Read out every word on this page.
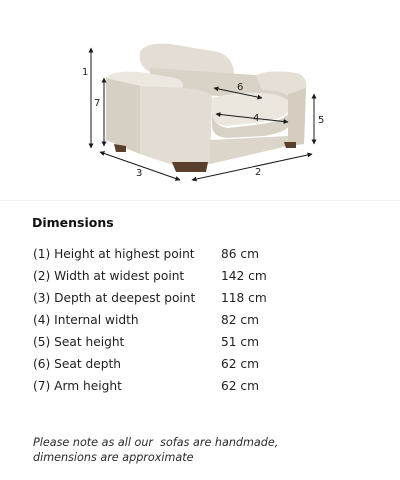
1
7
3	2
5
6
4
Dimensions
(1) Height at highest point	86 cm
(2) Width at widest point	142 cm
(3) Depth at deepest point	118 cm
(4) Internal width	82 cm
(5) Seat height	51 cm
(6) Seat depth	62 cm
(7) Arm height	62 cm
Please note as all our  sofas are handmade,
dimensions are approximate
